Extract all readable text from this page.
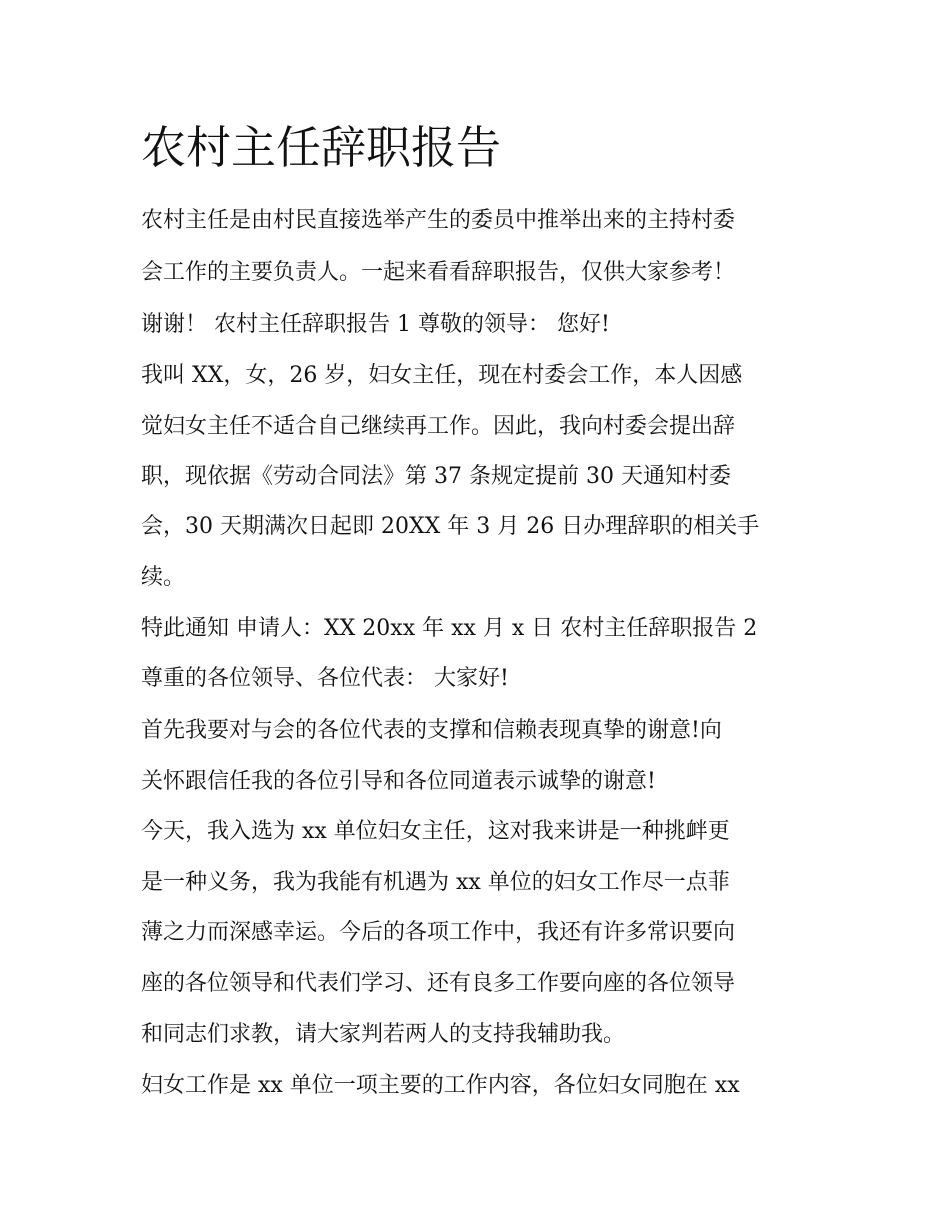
农村主任辞职报告

农村主任是由村民直接选举产生的委员中推举出来的主持村委

会工作的主要负责人。一起来看看辞职报告，仅供大家参考！

谢谢！ 农村主任辞职报告 1 尊敬的领导： 您好!

我叫 XX，女，26 岁，妇女主任，现在村委会工作，本人因感

觉妇女主任不适合自己继续再工作。因此，我向村委会提出辞

职，现依据《劳动合同法》第 37 条规定提前 30 天通知村委

会，30 天期满次日起即 20XX 年 3 月 26 日办理辞职的相关手

续。

特此通知 申请人：XX 20xx 年 xx 月 x 日 农村主任辞职报告 2

尊重的各位领导、各位代表： 大家好!

首先我要对与会的各位代表的支撑和信赖表现真挚的谢意!向

关怀跟信任我的各位引导和各位同道表示诚挚的谢意!

今天，我入选为 xx 单位妇女主任，这对我来讲是一种挑衅更

是一种义务，我为我能有机遇为 xx 单位的妇女工作尽一点菲

薄之力而深感幸运。今后的各项工作中，我还有许多常识要向

座的各位领导和代表们学习、还有良多工作要向座的各位领导

和同志们求教，请大家判若两人的支持我辅助我。

妇女工作是 xx 单位一项主要的工作内容，各位妇女同胞在 xx
